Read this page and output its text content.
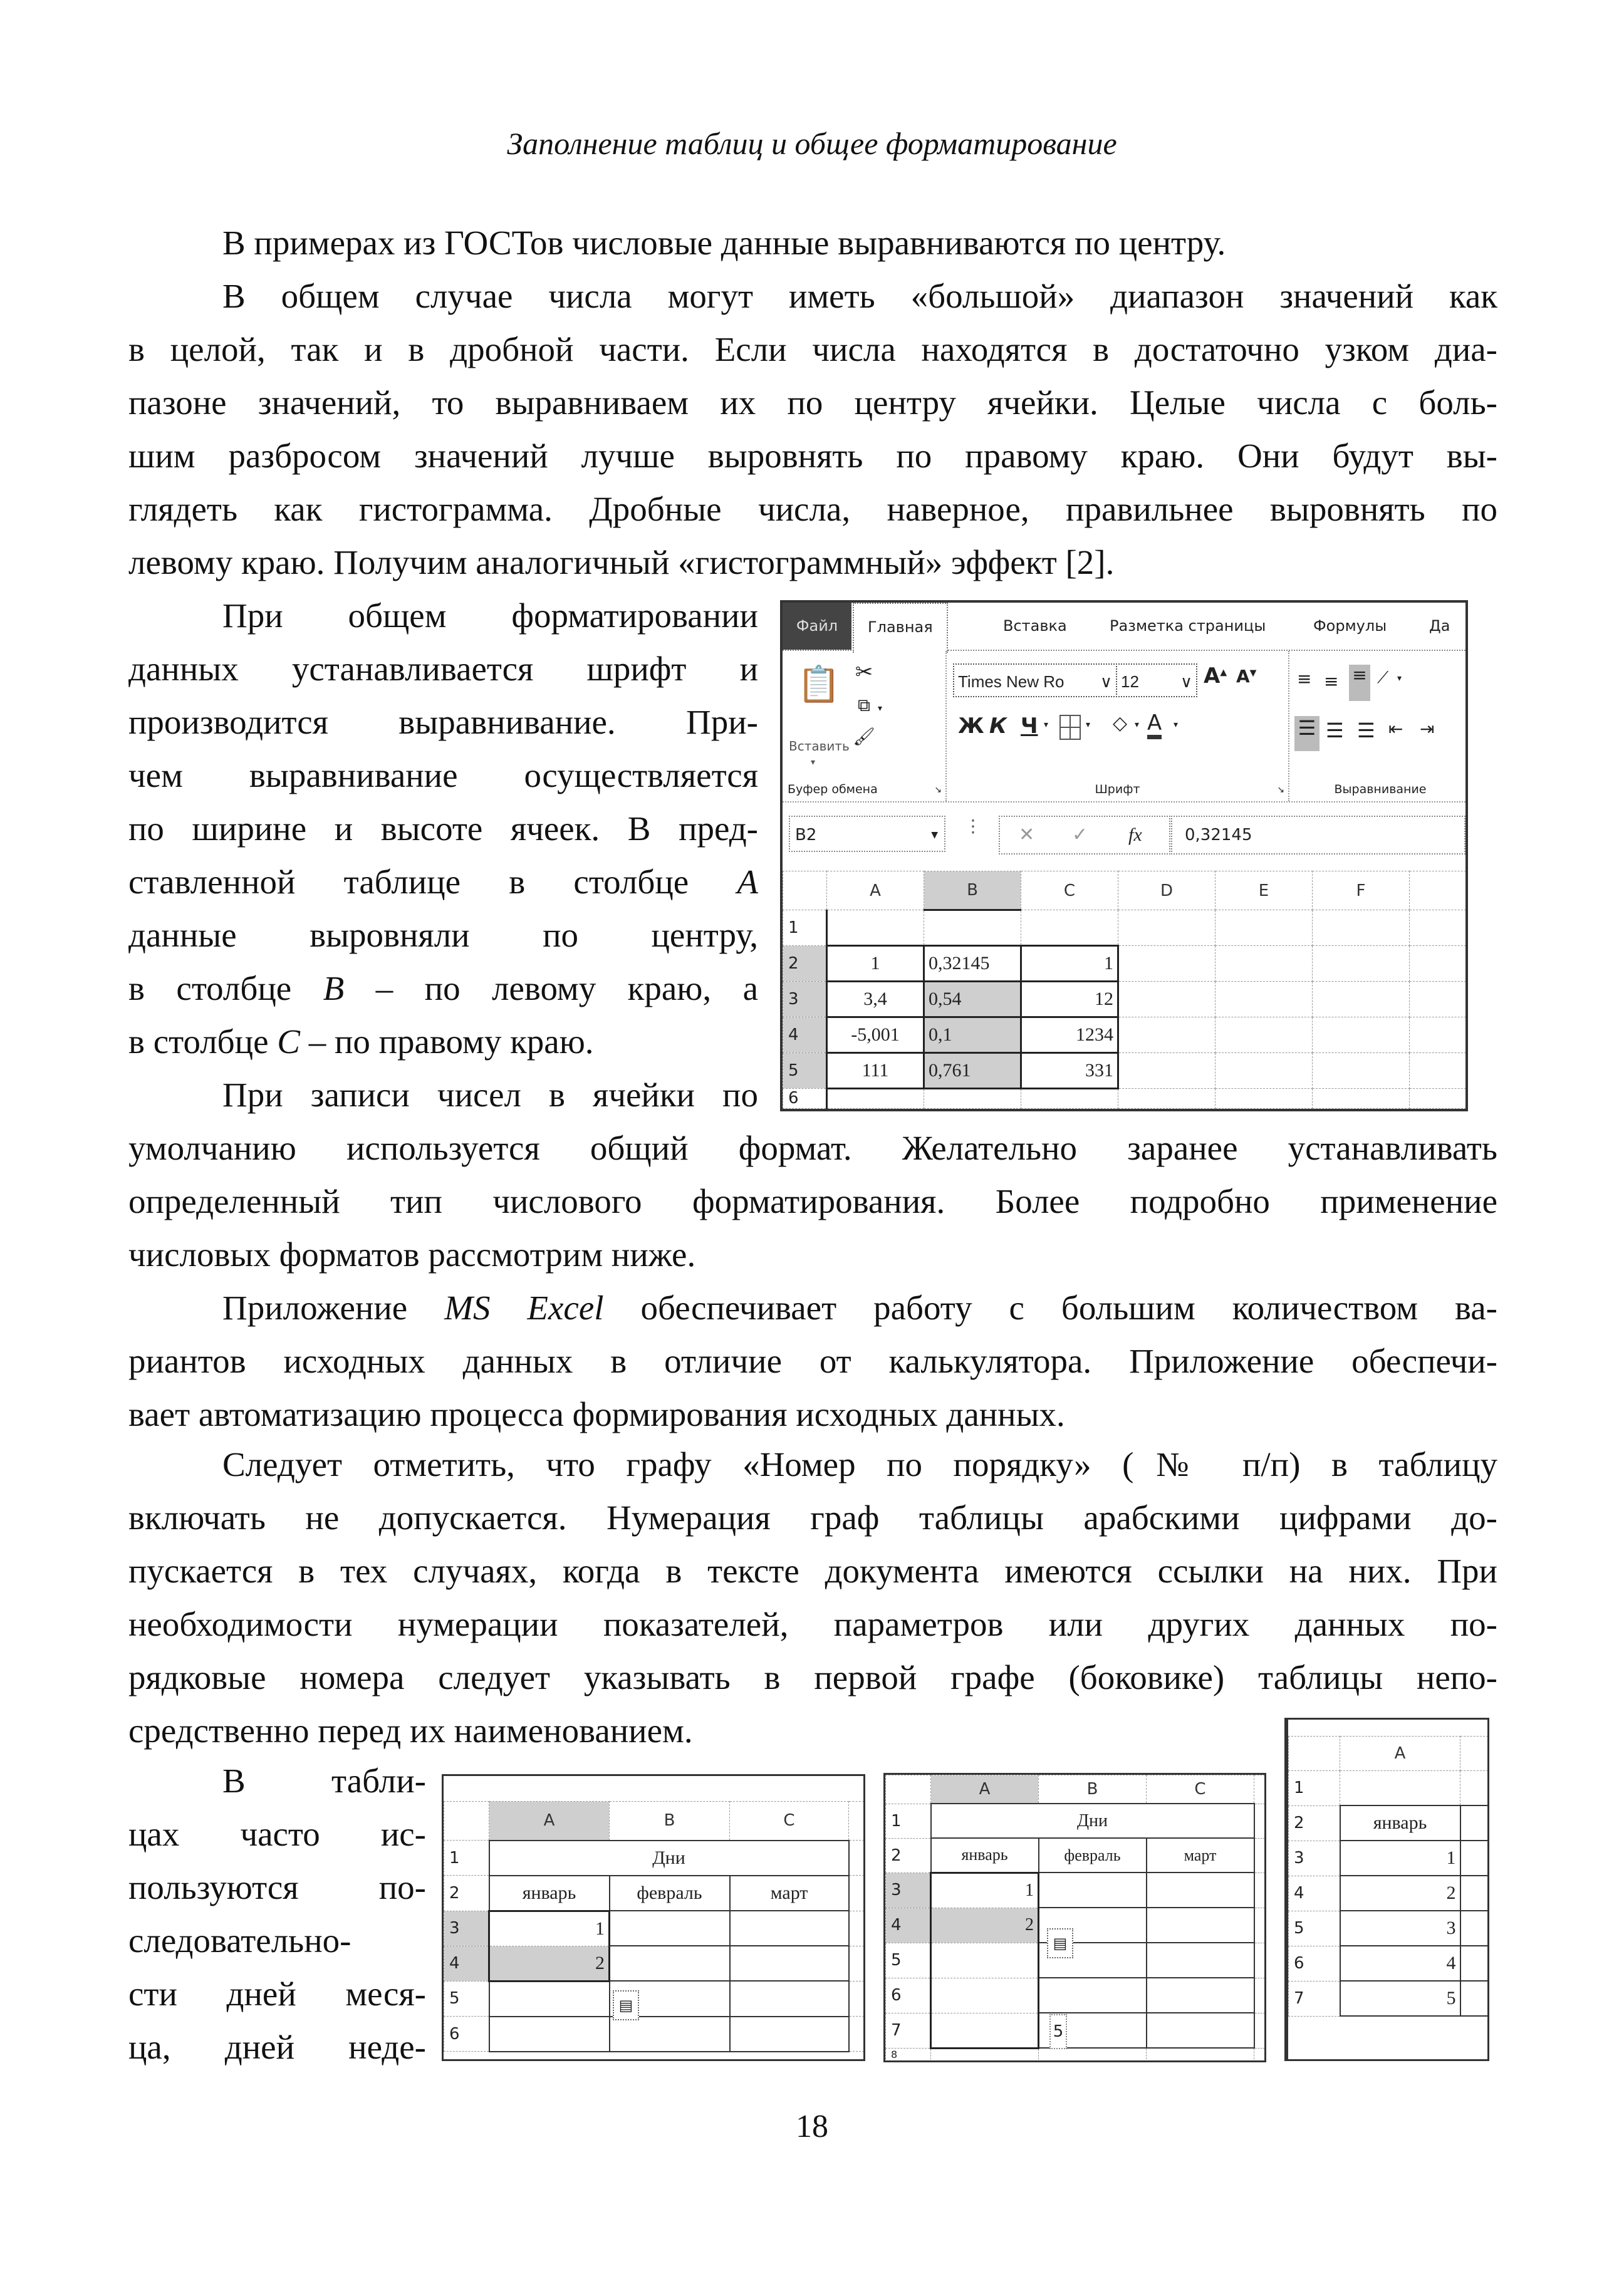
Заполнение таблиц и общее форматирование
В примерах из ГОСТов числовые данные выравниваются по центру.
В общем случае числа могут иметь «большой» диапазон значений как
в целой, так и в дробной части. Если числа находятся в достаточно узком диа-
пазоне значений, то выравниваем их по центру ячейки. Целые числа с боль-
шим разбросом значений лучше выровнять по правому краю. Они будут вы-
глядеть как гистограмма. Дробные числа, наверное, правильнее выровнять по
левому краю. Получим аналогичный «гистограммный» эффект [2].
При общем форматировании
данных устанавливается шрифт и
производится выравнивание. При-
чем выравнивание осуществляется
по ширине и высоте ячеек. В пред-
ставленной таблице в столбце A
данные выровняли по центру,
в столбце B – по левому краю, а
в столбце C – по правому краю.
При записи чисел в ячейки по
умолчанию используется общий формат. Желательно заранее устанавливать
определенный тип числового форматирования. Более подробно применение
числовых форматов рассмотрим ниже.
Приложение MS Excel обеспечивает работу с большим количеством ва-
риантов исходных данных в отличие от калькулятора. Приложение обеспечи-
вает автоматизацию процесса формирования исходных данных.
Следует отметить, что графу «Номер по порядку» (№ п/п) в таблицу
включать не допускается. Нумерация граф таблицы арабскими цифрами до-
пускается в тех случаях, когда в тексте документа имеются ссылки на них. При
необходимости нумерации показателей, параметров или других данных по-
рядковые номера следует указывать в первой графе (боковике) таблицы непо-
средственно перед их наименованием.
В табли-
цах часто ис-
пользуются по-
следовательно-
сти дней меся-
ца, дней неде-
Файл	Главная	Вставка	Разметка страницы	Формулы	Да
📋
Вставить
▾
✂
⧉ ▾
🖌
Буфер обмена	↘
Times New Ro ∨ 12	∨ A▲ A▼
Ж К Ч ▾	▾ ◇ ▾ A ▾
Шрифт	↘
≡ ≡ ≡ ⟋ ▾
☰ ☰ ☰ ⇤ ⇥
Выравнивание
B2	▼ ⋮ ✕ ✓ fx	0,32145
	A	B	C	D	E	F	
1							
2	1	0,32145	1				
3	3,4	0,54	12				
4	-5,001	0,1	1234				
5	111	0,761	331				
6							
	A	B	C	
1	Дни			
2	январь	февраль	март	
3	1			
4	2			
5				
6				
▤
	A	B	C	
1	Дни			
2	январь	февраль	март	
3	1			
4	2			
5				
6				
7				
8				
▤
5
	A	
1		
2	январь	
3	1	
4	2	
5	3	
6	4	
7	5	
18
